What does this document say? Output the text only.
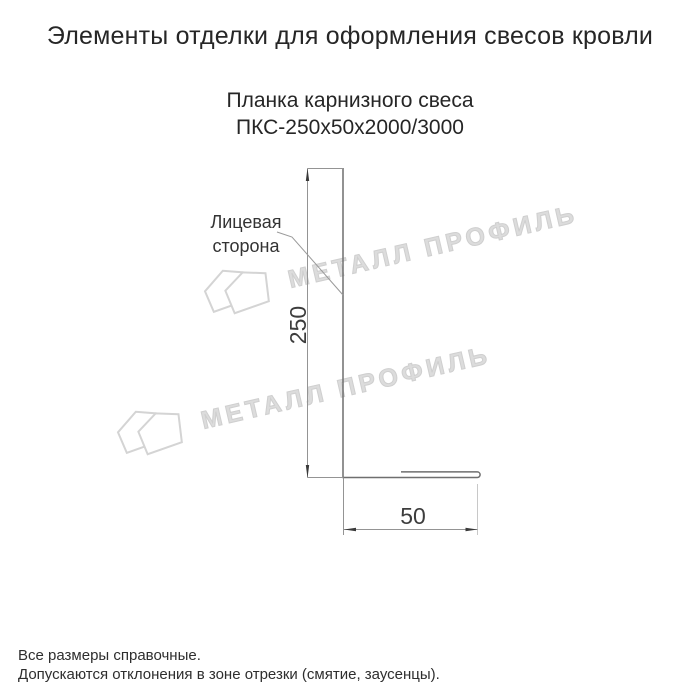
Элементы отделки для оформления свесов кровли
Планка карнизного свеса
ПКС-250х50х2000/3000
МЕТАЛЛ ПРОФИЛЬ
МЕТАЛЛ ПРОФИЛЬ
250
50
Лицевая сторона
Все размеры справочные.
Допускаются отклонения в зоне отрезки (смятие, заусенцы).
